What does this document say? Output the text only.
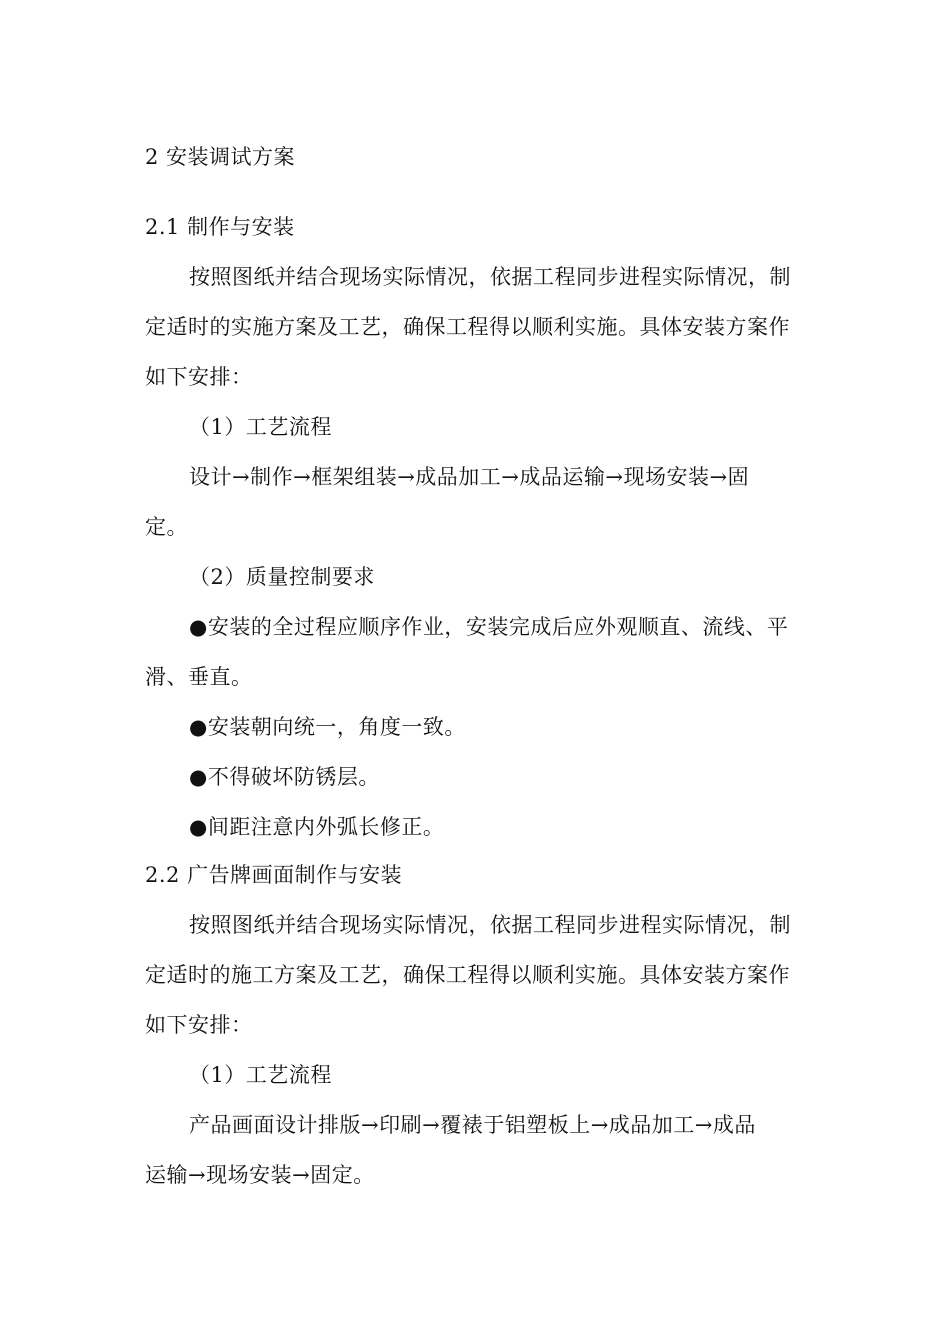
2 安装调试方案
2.1 制作与安装
按照图纸并结合现场实际情况，依据工程同步进程实际情况，制
定适时的实施方案及工艺，确保工程得以顺利实施。具体安装方案作
如下安排：
（1）工艺流程
设计→制作→框架组装→成品加工→成品运输→现场安装→固
定。
（2）质量控制要求
●安装的全过程应顺序作业，安装完成后应外观顺直、流线、平
滑、垂直。
●安装朝向统一，角度一致。
●不得破坏防锈层。
●间距注意内外弧长修正。
2.2 广告牌画面制作与安装
按照图纸并结合现场实际情况，依据工程同步进程实际情况，制
定适时的施工方案及工艺，确保工程得以顺利实施。具体安装方案作
如下安排：
（1）工艺流程
产品画面设计排版→印刷→覆裱于铝塑板上→成品加工→成品
运输→现场安装→固定。
